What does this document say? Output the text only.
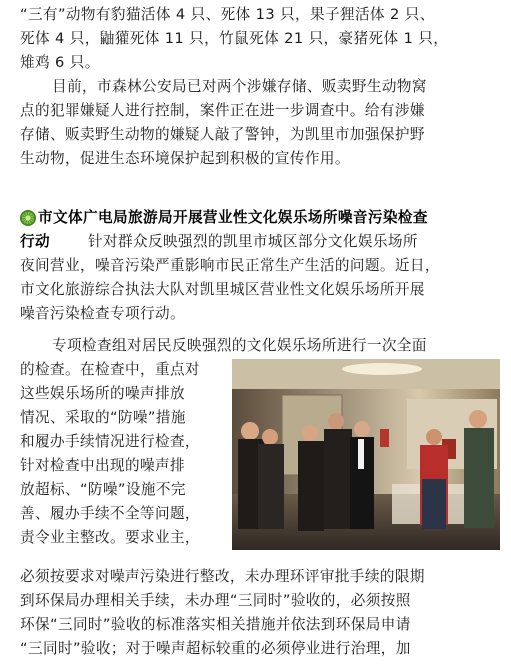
“三有”动物有豹猫活体 4 只、死体 13 只，果子狸活体 2 只、
死体 4 只，鼬獾死体 11 只，竹鼠死体 21 只，豪猪死体 1 只，
雉鸡 6 只。
目前，市森林公安局已对两个涉嫌存储、贩卖野生动物窝
点的犯罪嫌疑人进行控制，案件正在进一步调查中。给有涉嫌
存储、贩卖野生动物的嫌疑人敲了警钟，为凯里市加强保护野
生动物，促进生态环境保护起到积极的宣传作用。
市文体广电局旅游局开展营业性文化娱乐场所噪音污染检查
行动	针对群众反映强烈的凯里市城区部分文化娱乐场所
夜间营业，噪音污染严重影响市民正常生产生活的问题。近日，
市文化旅游综合执法大队对凯里城区营业性文化娱乐场所开展
噪音污染检查专项行动。
专项检查组对居民反映强烈的文化娱乐场所进行一次全面
的检查。在检查中，重点对
这些娱乐场所的噪声排放
情况、采取的“防噪”措施
和履办手续情况进行检查，
针对检查中出现的噪声排
放超标、“防噪”设施不完
善、履办手续不全等问题，
责令业主整改。要求业主，
必须按要求对噪声污染进行整改，未办理环评审批手续的限期
到环保局办理相关手续，未办理“三同时”验收的，必须按照
环保“三同时”验收的标准落实相关措施并依法到环保局申请
“三同时”验收；对于噪声超标较重的必须停业进行治理，加
